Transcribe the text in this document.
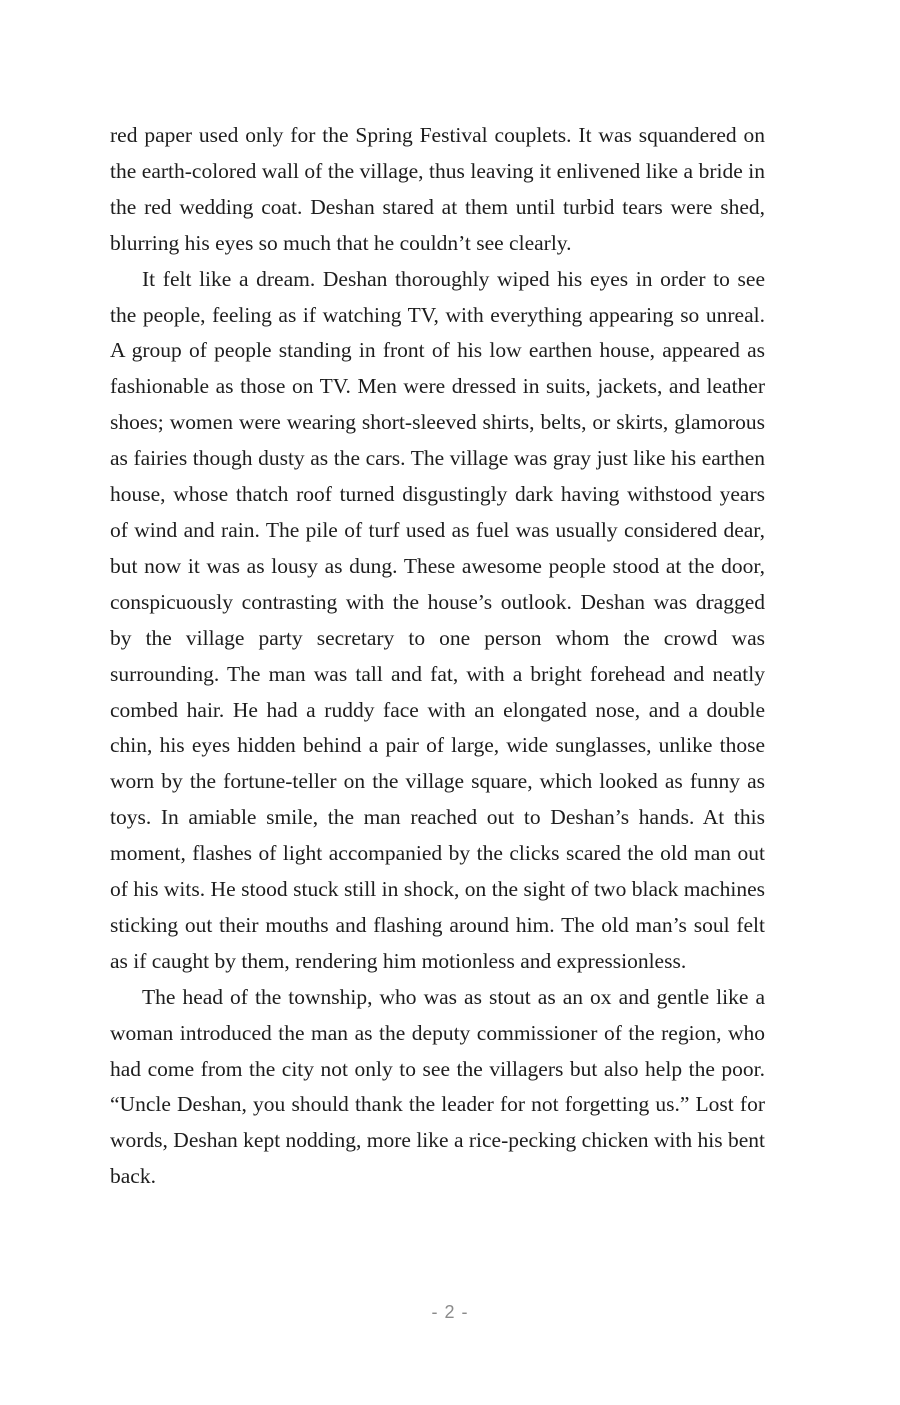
red paper used only for the Spring Festival couplets. It was squandered on the earth-colored wall of the village, thus leaving it enlivened like a bride in the red wedding coat. Deshan stared at them until turbid tears were shed, blurring his eyes so much that he couldn’t see clearly.

It felt like a dream. Deshan thoroughly wiped his eyes in order to see the people, feeling as if watching TV, with everything appearing so unreal. A group of people standing in front of his low earthen house, appeared as fashionable as those on TV. Men were dressed in suits, jackets, and leather shoes; women were wearing short-sleeved shirts, belts, or skirts, glamorous as fairies though dusty as the cars. The village was gray just like his earthen house, whose thatch roof turned disgustingly dark having withstood years of wind and rain. The pile of turf used as fuel was usually considered dear, but now it was as lousy as dung. These awesome people stood at the door, conspicuously contrasting with the house’s outlook. Deshan was dragged by the village party secretary to one person whom the crowd was surrounding. The man was tall and fat, with a bright forehead and neatly combed hair. He had a ruddy face with an elongated nose, and a double chin, his eyes hidden behind a pair of large, wide sunglasses, unlike those worn by the fortune-teller on the village square, which looked as funny as toys. In amiable smile, the man reached out to Deshan’s hands. At this moment, flashes of light accompanied by the clicks scared the old man out of his wits. He stood stuck still in shock, on the sight of two black machines sticking out their mouths and flashing around him. The old man’s soul felt as if caught by them, rendering him motionless and expressionless.

The head of the township, who was as stout as an ox and gentle like a woman introduced the man as the deputy commissioner of the region, who had come from the city not only to see the villagers but also help the poor. “Uncle Deshan, you should thank the leader for not forgetting us.” Lost for words, Deshan kept nodding, more like a rice-pecking chicken with his bent back.

- 2 -
